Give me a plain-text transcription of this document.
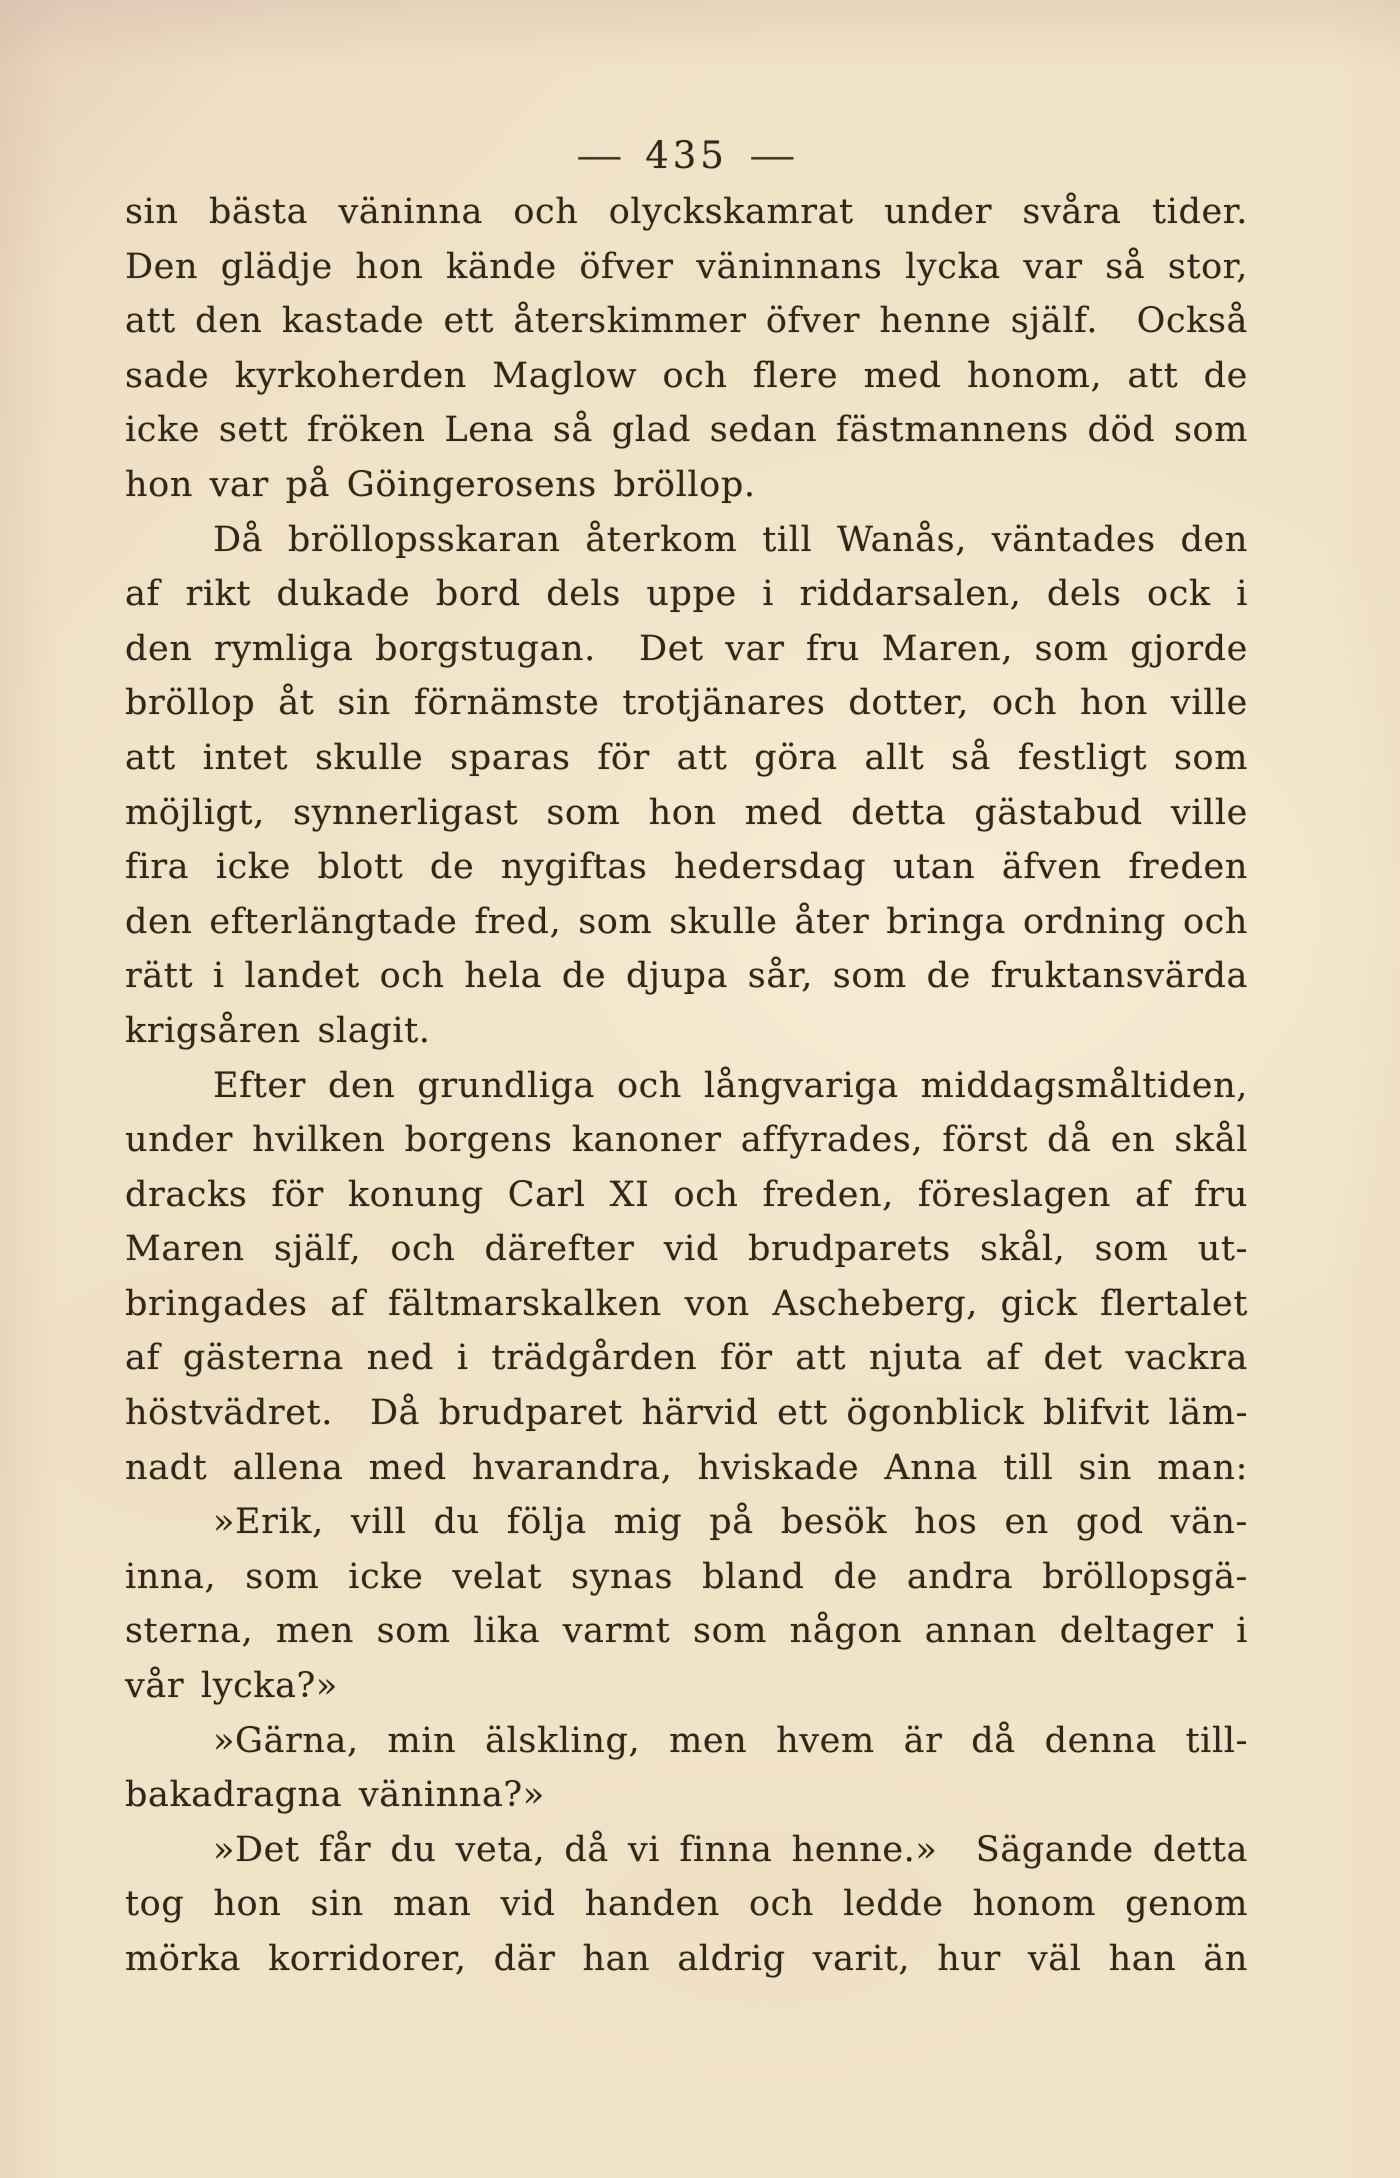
— 435 —
sin bästa väninna och olyckskamrat under svåra tider.
Den glädje hon kände öfver väninnans lycka var så stor,
att den kastade ett återskimmer öfver henne själf.  Också
sade kyrkoherden Maglow och flere med honom, att de
icke sett fröken Lena så glad sedan fästmannens död som
hon var på Göingerosens bröllop.
Då bröllopsskaran återkom till Wanås, väntades den
af rikt dukade bord dels uppe i riddarsalen, dels ock i
den rymliga borgstugan.  Det var fru Maren, som gjorde
bröllop åt sin förnämste trotjänares dotter, och hon ville
att intet skulle sparas för att göra allt så festligt som
möjligt, synnerligast som hon med detta gästabud ville
fira icke blott de nygiftas hedersdag utan äfven freden
den efterlängtade fred, som skulle åter bringa ordning och
rätt i landet och hela de djupa sår, som de fruktansvärda
krigsåren slagit.
Efter den grundliga och långvariga middagsmåltiden,
under hvilken borgens kanoner affyrades, först då en skål
dracks för konung Carl XI och freden, föreslagen af fru
Maren själf, och därefter vid brudparets skål, som ut-
bringades af fältmarskalken von Ascheberg, gick flertalet
af gästerna ned i trädgården för att njuta af det vackra
höstvädret.  Då brudparet härvid ett ögonblick blifvit läm-
nadt allena med hvarandra, hviskade Anna till sin man:
»Erik, vill du följa mig på besök hos en god vän-
inna, som icke velat synas bland de andra bröllopsgä-
sterna, men som lika varmt som någon annan deltager i
vår lycka?»
»Gärna, min älskling, men hvem är då denna till-
bakadragna väninna?»
»Det får du veta, då vi finna henne.»  Sägande detta
tog hon sin man vid handen och ledde honom genom
mörka korridorer, där han aldrig varit, hur väl han än
